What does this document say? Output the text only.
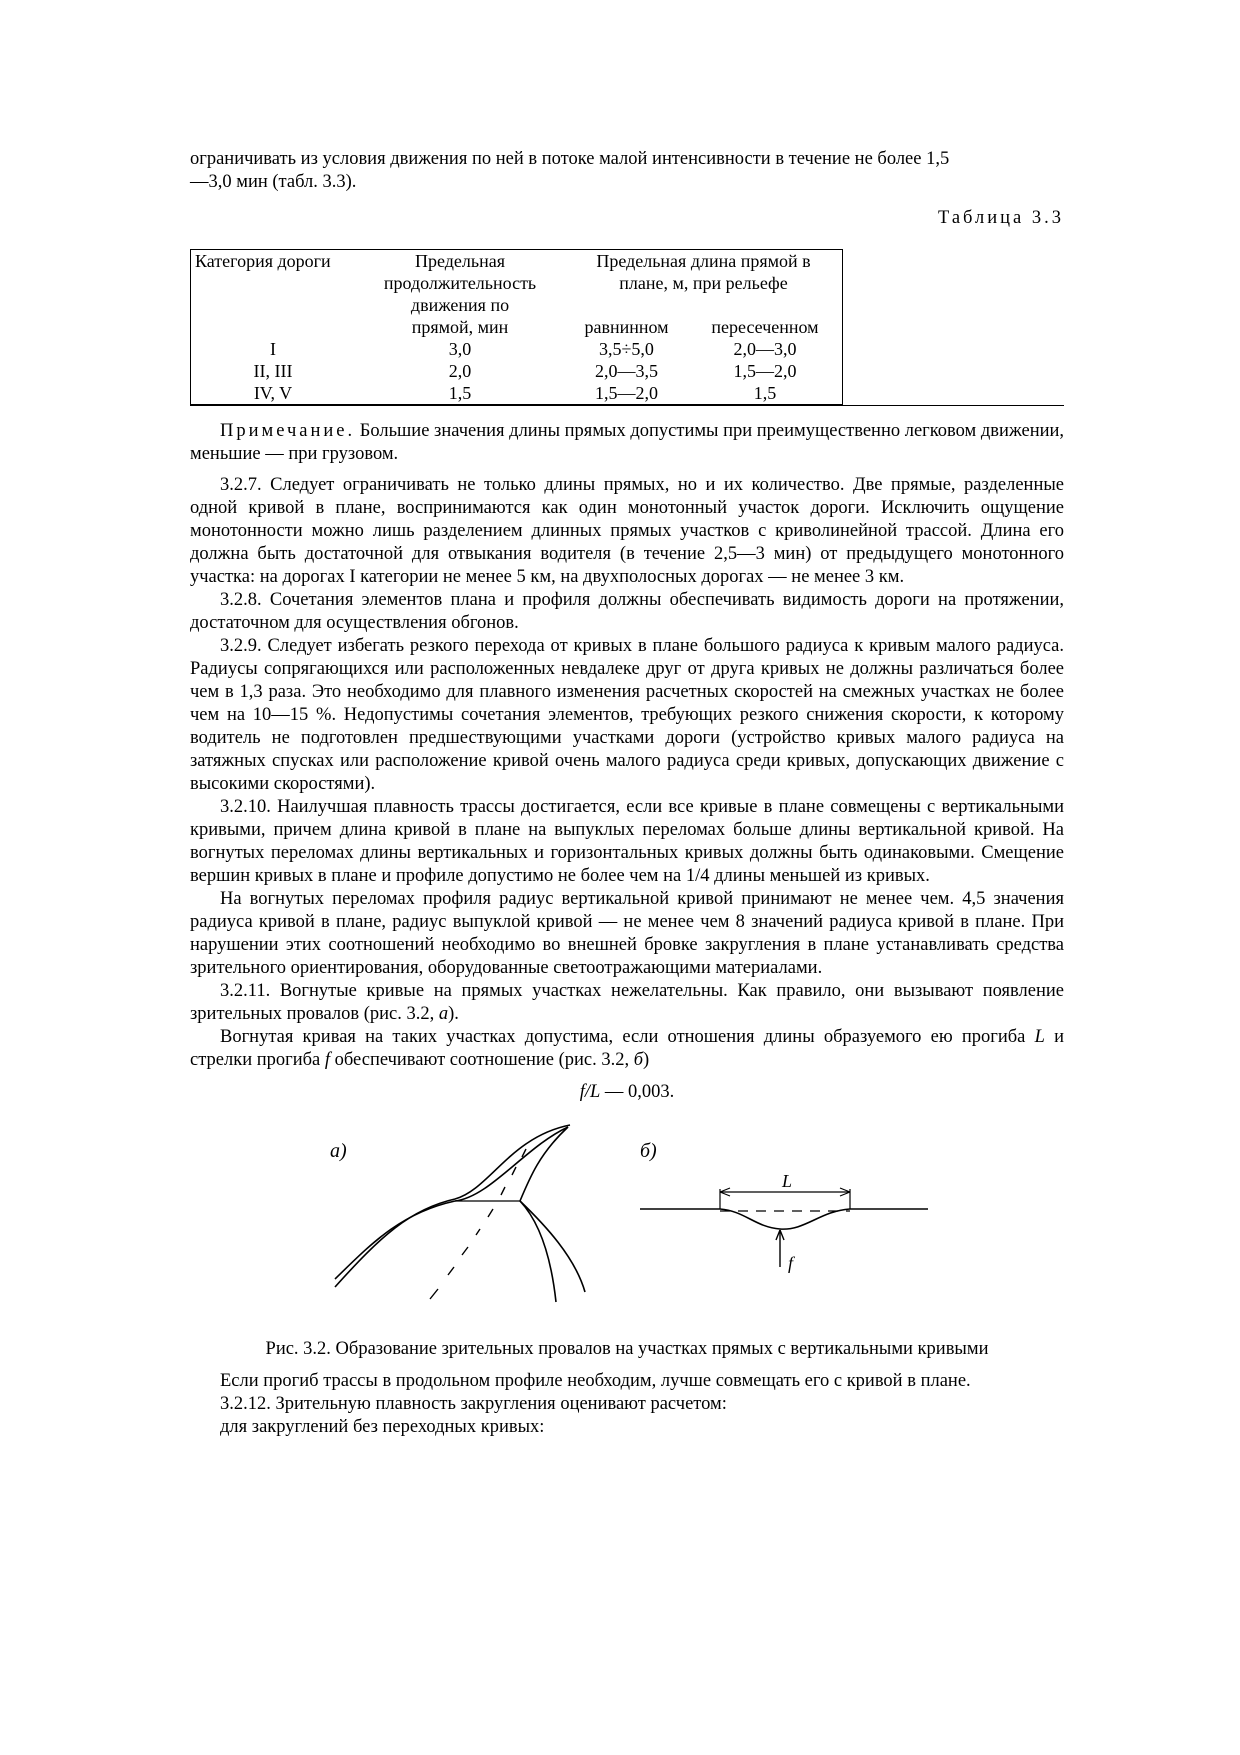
ограничивать из условия движения по ней в потоке малой интенсивности в течение не более 1,5

—3,0 мин (табл. 3.3).

Таблица 3.3
Категория дороги	Предельная продолжительность движения по прямой, мин	Предельная длина прямой в плане, м, при рельефе	

		равнинном	пересеченном
I	3,0	3,5÷5,0	2,0—3,0
II, III	2,0	2,0—3,5	1,5—2,0
IV, V	1,5	1,5—2,0	1,5

Примечание. Большие значения длины прямых допустимы при преимущественно легковом движении, меньшие — при грузовом.

3.2.7. Следует ограничивать не только длины прямых, но и их количество. Две прямые, разделенные одной кривой в плане, воспринимаются как один монотонный участок дороги. Исключить ощущение монотонности можно лишь разделением длинных прямых участков с криволинейной трассой. Длина его должна быть достаточной для отвыкания водителя (в течение 2,5—3 мин) от предыдущего монотонного участка: на дорогах I категории не менее 5 км, на двухполосных дорогах — не менее 3 км.

3.2.8. Сочетания элементов плана и профиля должны обеспечивать видимость дороги на протяжении, достаточном для осуществления обгонов.

3.2.9. Следует избегать резкого перехода от кривых в плане большого радиуса к кривым малого радиуса. Радиусы сопрягающихся или расположенных невдалеке друг от друга кривых не должны различаться более чем в 1,3 раза. Это необходимо для плавного изменения расчетных скоростей на смежных участках не более чем на 10—15 %. Недопустимы сочетания элементов, требующих резкого снижения скорости, к которому водитель не подготовлен предшествующими участками дороги (устройство кривых малого радиуса на затяжных спусках или расположение кривой очень малого радиуса среди кривых, допускающих движение с высокими скоростями).

3.2.10. Наилучшая плавность трассы достигается, если все кривые в плане совмещены с вертикальными кривыми, причем длина кривой в плане на выпуклых переломах больше длины вертикальной кривой. На вогнутых переломах длины вертикальных и горизонтальных кривых должны быть одинаковыми. Смещение вершин кривых в плане и профиле допустимо не более чем на 1/4 длины меньшей из кривых.

На вогнутых переломах профиля радиус вертикальной кривой принимают не менее чем. 4,5 значения радиуса кривой в плане, радиус выпуклой кривой — не менее чем 8 значений радиуса кривой в плане. При нарушении этих соотношений необходимо во внешней бровке закругления в плане устанавливать средства зрительного ориентирования, оборудованные светоотражающими материалами.

3.2.11. Вогнутые кривые на прямых участках нежелательны. Как правило, они вызывают появление зрительных провалов (рис. 3.2, а).

Вогнутая кривая на таких участках допустима, если отношения длины образуемого ею прогиба L и стрелки прогиба f обеспечивают соотношение (рис. 3.2, б)

f/L — 0,003.
а)	б)
L
f
Рис. 3.2. Образование зрительных провалов на участках прямых с вертикальными кривыми

Если прогиб трассы в продольном профиле необходим, лучше совмещать его с кривой в плане.

3.2.12. Зрительную плавность закругления оценивают расчетом:

для закруглений без переходных кривых:
